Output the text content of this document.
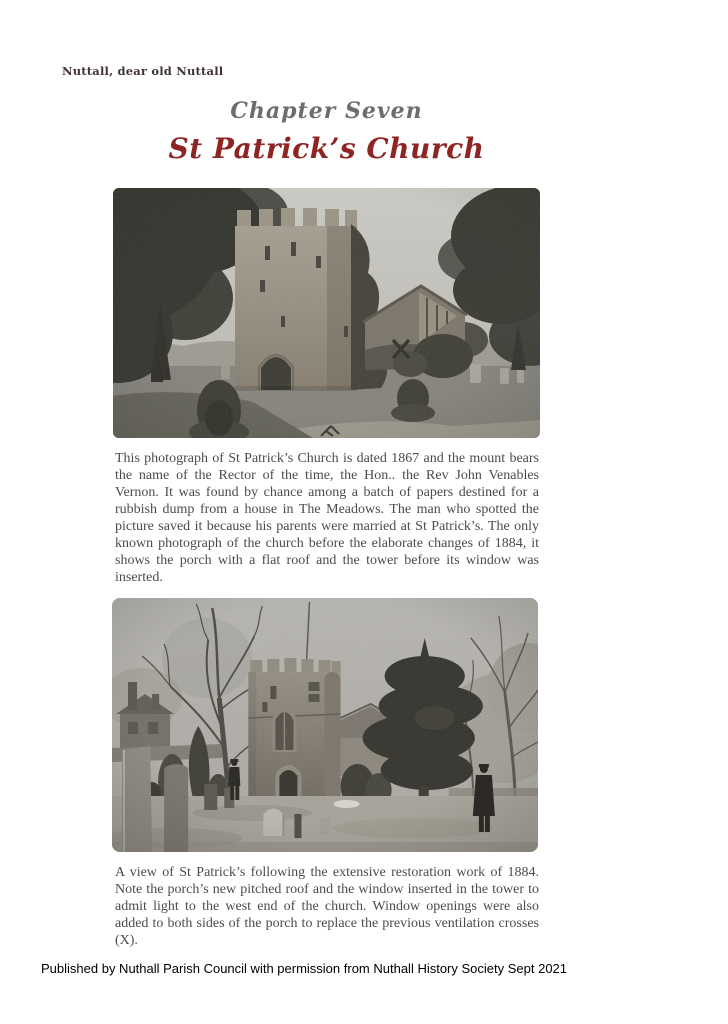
Nuttall, dear old Nuttall
Chapter Seven
St Patrick’s Church

This photograph of St Patrick’s Church is dated 1867 and the mount bears the name of the Rector of the time, the Hon.. the Rev John Venables Vernon. It was found by chance among a batch of papers destined for a rubbish dump from a house in The Meadows. The man who spotted the picture saved it because his parents were married at St Patrick’s. The only known photograph of the church before the elaborate changes of 1884, it shows the porch with a flat roof and the tower before its window was inserted.

A view of St Patrick’s following the extensive restoration work of 1884. Note the porch’s new pitched roof and the window inserted in the tower to admit light to the west end of the church. Window openings were also added to both sides of the porch to replace the previous ventilation crosses (X).

Published by Nuthall Parish Council with permission from Nuthall History Society Sept 2021
